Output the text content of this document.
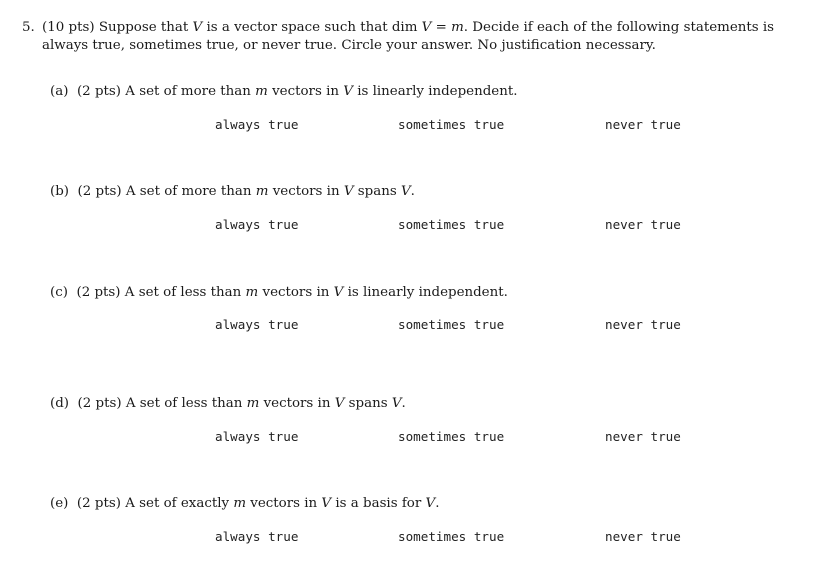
5. (10 pts) Suppose that V is a vector space such that dim V = m. Decide if each of the following statements is always true, sometimes true, or never true. Circle your answer. No justification necessary.
(a) (2 pts) A set of more than m vectors in V is linearly independent.
always true	sometimes true	never true
(b) (2 pts) A set of more than m vectors in V spans V.
always true	sometimes true	never true
(c) (2 pts) A set of less than m vectors in V is linearly independent.
always true	sometimes true	never true
(d) (2 pts) A set of less than m vectors in V spans V.
always true	sometimes true	never true
(e) (2 pts) A set of exactly m vectors in V is a basis for V.
always true	sometimes true	never true
